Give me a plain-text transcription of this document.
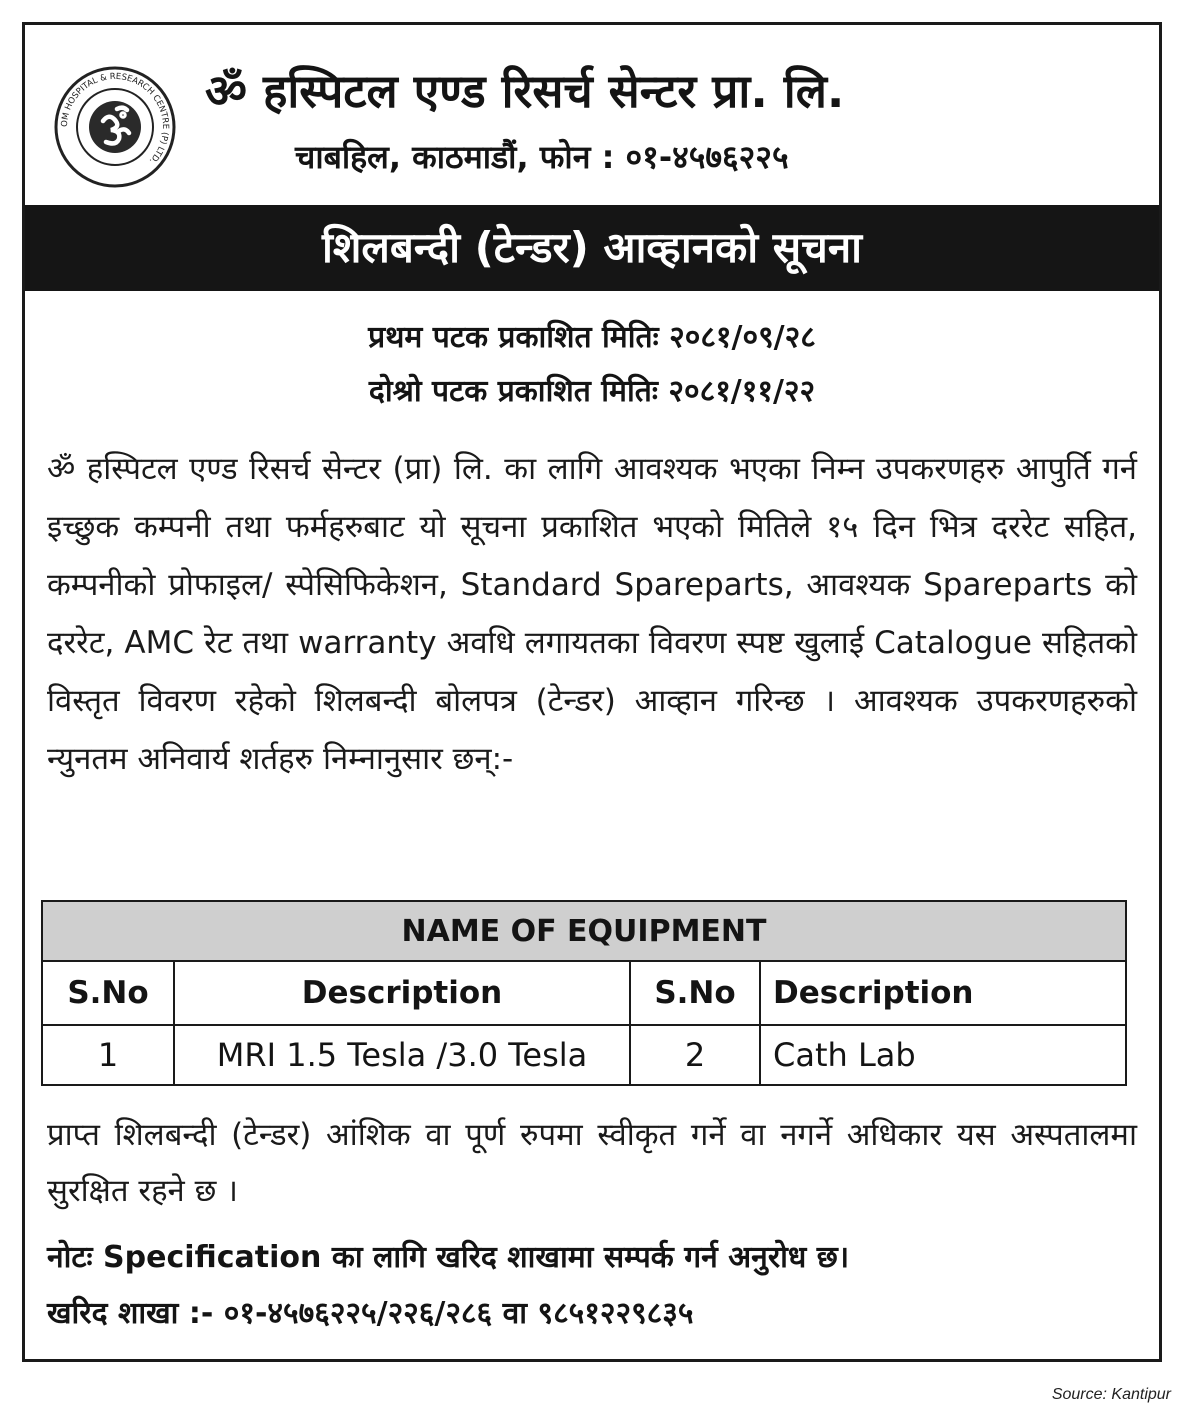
OM HOSPITAL & RESEARCH CENTRE (P) LTD.
ॐ हस्पिटल एण्ड रिसर्च सेन्टर प्रा. लि.
चाबहिल, काठमाडौं, फोन : ०१-४५७६२२५
शिलबन्दी (टेन्डर) आव्हानको सूचना
प्रथम पटक प्रकाशित मितिः २०८१/०९/२८
दोश्रो पटक प्रकाशित मितिः २०८१/११/२२
ॐ हस्पिटल एण्ड रिसर्च सेन्टर (प्रा) लि. का लागि आवश्यक भएका निम्न उपकरणहरु आपुर्ति गर्न इच्छुक कम्पनी तथा फर्महरुबाट यो सूचना प्रकाशित भएको मितिले १५ दिन भित्र दररेट सहित, कम्पनीको प्रोफाइल/ स्पेसिफिकेशन, Standard Spareparts, आवश्यक Spareparts को दररेट, AMC रेट तथा warranty अवधि लगायतका विवरण स्पष्ट खुलाई Catalogue सहितको विस्तृत विवरण रहेको शिलबन्दी बोलपत्र (टेन्डर) आव्हान गरिन्छ । आवश्यक उपकरणहरुको न्युनतम अनिवार्य शर्तहरु निम्नानुसार छन्:-
NAME OF EQUIPMENT			
S.No	Description	S.No	Description
1	MRI 1.5 Tesla /3.0 Tesla	2	Cath Lab
प्राप्त शिलबन्दी (टेन्डर) आंशिक वा पूर्ण रुपमा स्वीकृत गर्ने वा नगर्ने अधिकार यस अस्पतालमा सुरक्षित रहने छ ।
नोटः Specification का लागि खरिद शाखामा सम्पर्क गर्न अनुरोध छ।
खरिद शाखा :- ०१-४५७६२२५/२२६/२८६ वा ९८५१२२९८३५
Source: Kantipur
